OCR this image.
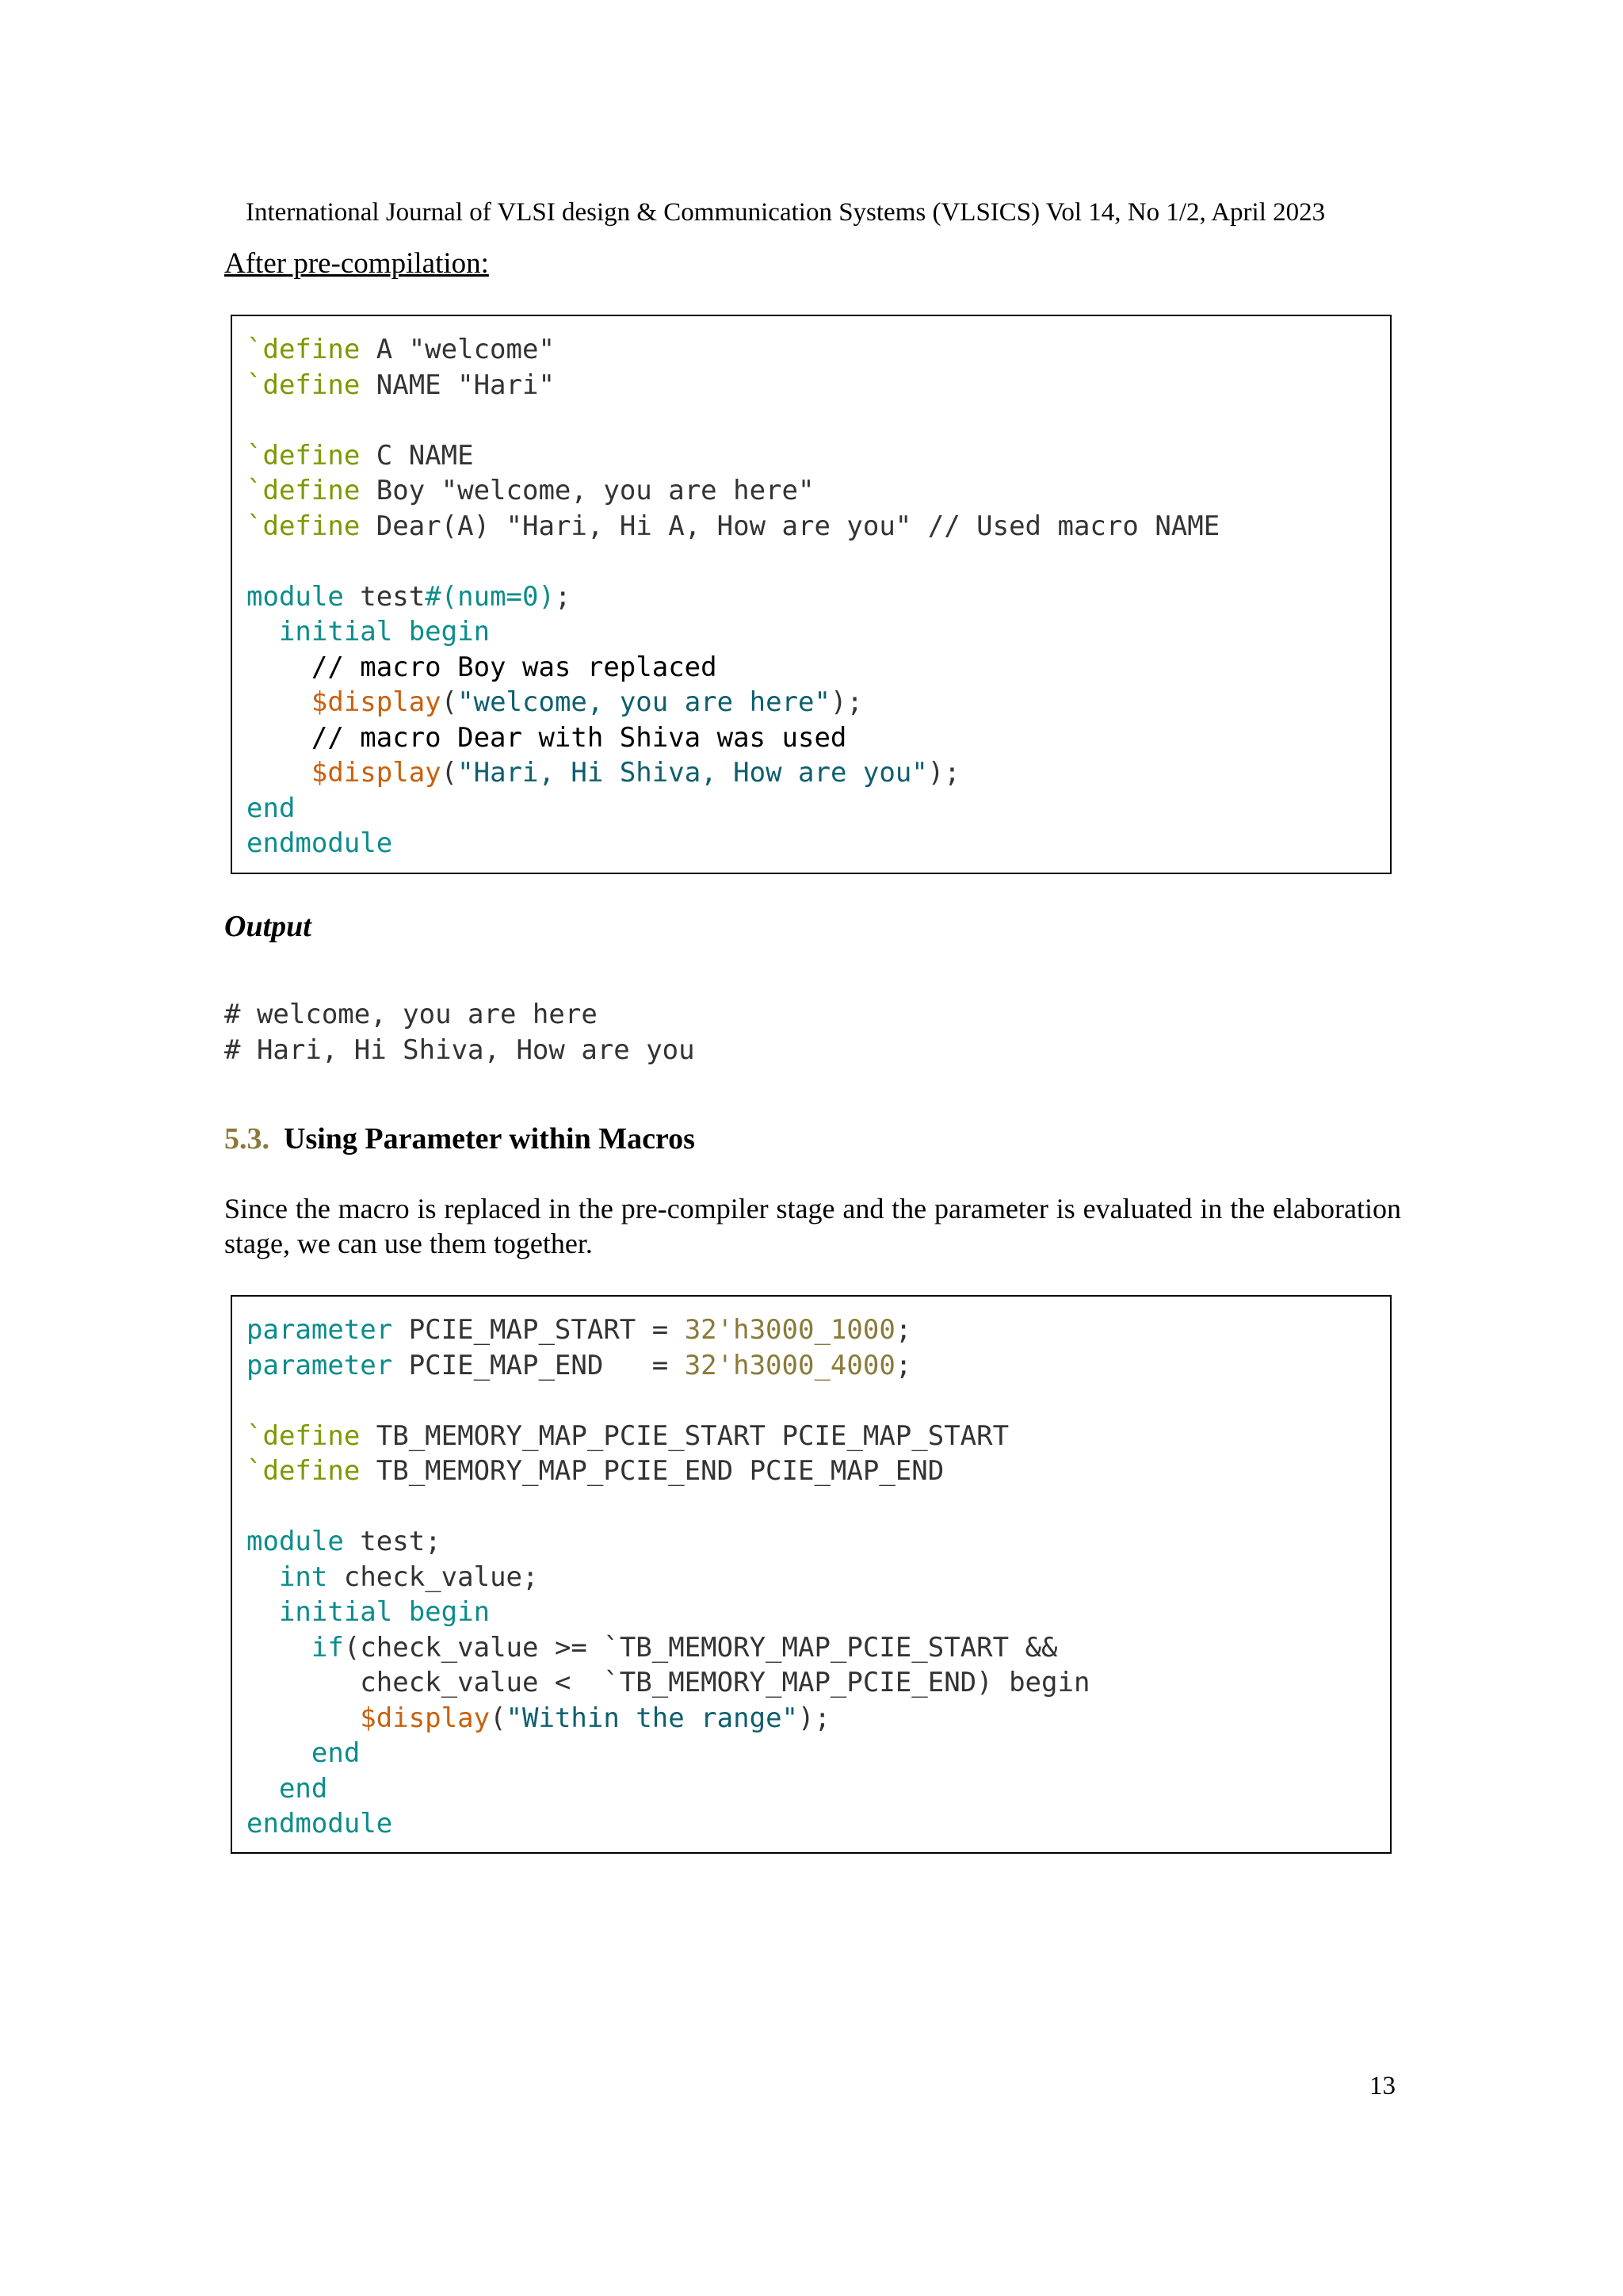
International Journal of VLSI design & Communication Systems (VLSICS) Vol 14, No 1/2, April 2023
After pre-compilation:
`define A "welcome"
`define NAME "Hari"
`define C NAME
`define Boy "welcome, you are here"
`define Dear(A) "Hari, Hi A, How are you" // Used macro NAME
module test#(num=0);
initial begin
// macro Boy was replaced
$display("welcome, you are here");
// macro Dear with Shiva was used
$display("Hari, Hi Shiva, How are you");
end
endmodule
Output
# welcome, you are here
# Hari, Hi Shiva, How are you
5.3. Using Parameter within Macros
Since the macro is replaced in the pre-compiler stage and the parameter is evaluated in the elaboration stage, we can use them together.
parameter PCIE_MAP_START = 32'h3000_1000;
parameter PCIE_MAP_END   = 32'h3000_4000;
`define TB_MEMORY_MAP_PCIE_START PCIE_MAP_START
`define TB_MEMORY_MAP_PCIE_END PCIE_MAP_END
module test;
int check_value;
initial begin
if(check_value >= `TB_MEMORY_MAP_PCIE_START &&
check_value <  `TB_MEMORY_MAP_PCIE_END) begin
$display("Within the range");
end
end
endmodule
13
